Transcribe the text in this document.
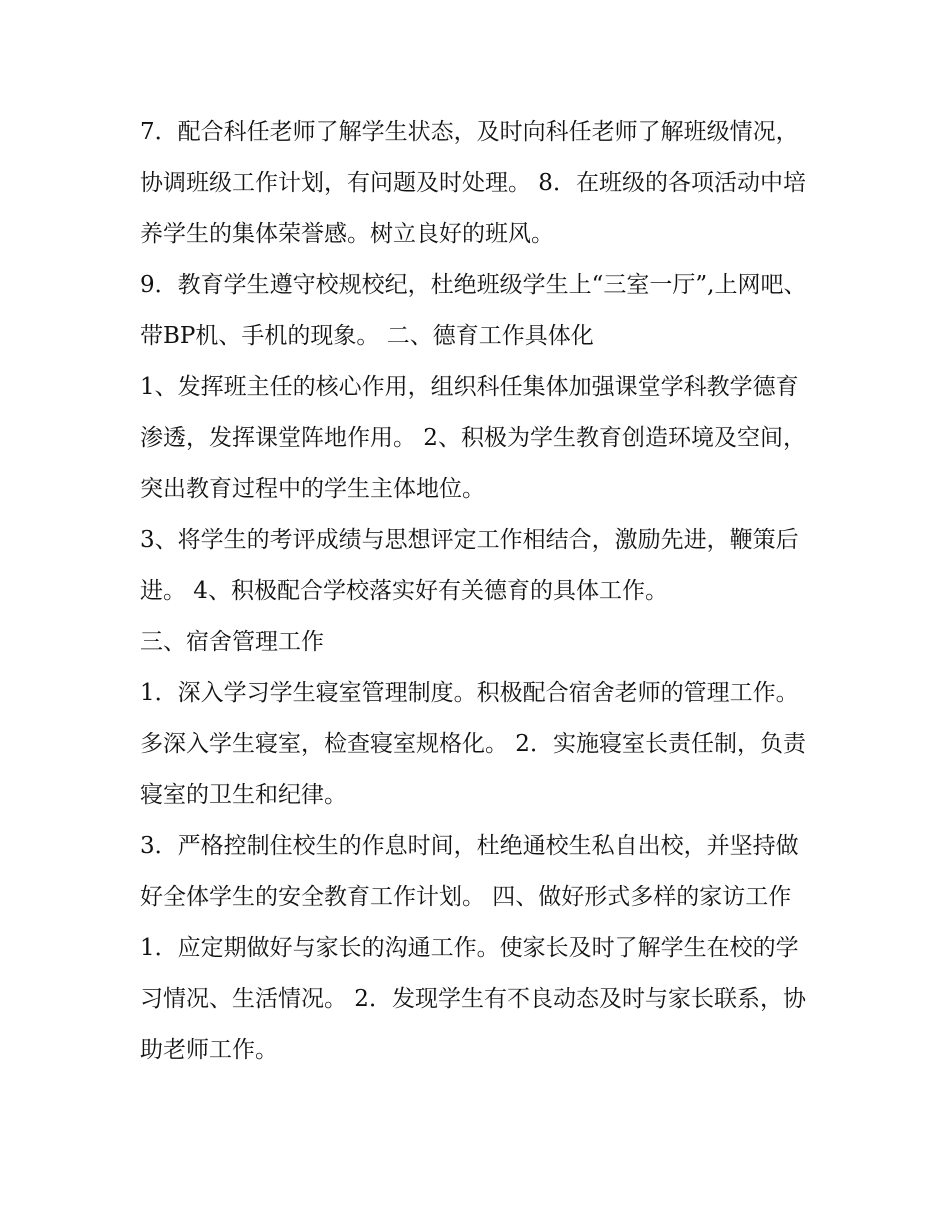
7．配合科任老师了解学生状态，及时向科任老师了解班级情况，协调班级工作计划，有问题及时处理。 8．在班级的各项活动中培养学生的集体荣誉感。树立良好的班风。

9．教育学生遵守校规校纪，杜绝班级学生上“三室一厅”,上网吧、带BP机、手机的现象。 二、德育工作具体化

1、发挥班主任的核心作用，组织科任集体加强课堂学科教学德育渗透，发挥课堂阵地作用。 2、积极为学生教育创造环境及空间，突出教育过程中的学生主体地位。

3、将学生的考评成绩与思想评定工作相结合，激励先进，鞭策后进。 4、积极配合学校落实好有关德育的具体工作。

三、宿舍管理工作

1．深入学习学生寝室管理制度。积极配合宿舍老师的管理工作。多深入学生寝室，检查寝室规格化。 2．实施寝室长责任制，负责寝室的卫生和纪律。

3．严格控制住校生的作息时间，杜绝通校生私自出校，并坚持做好全体学生的安全教育工作计划。 四、做好形式多样的家访工作

1．应定期做好与家长的沟通工作。使家长及时了解学生在校的学习情况、生活情况。 2．发现学生有不良动态及时与家长联系，协助老师工作。
